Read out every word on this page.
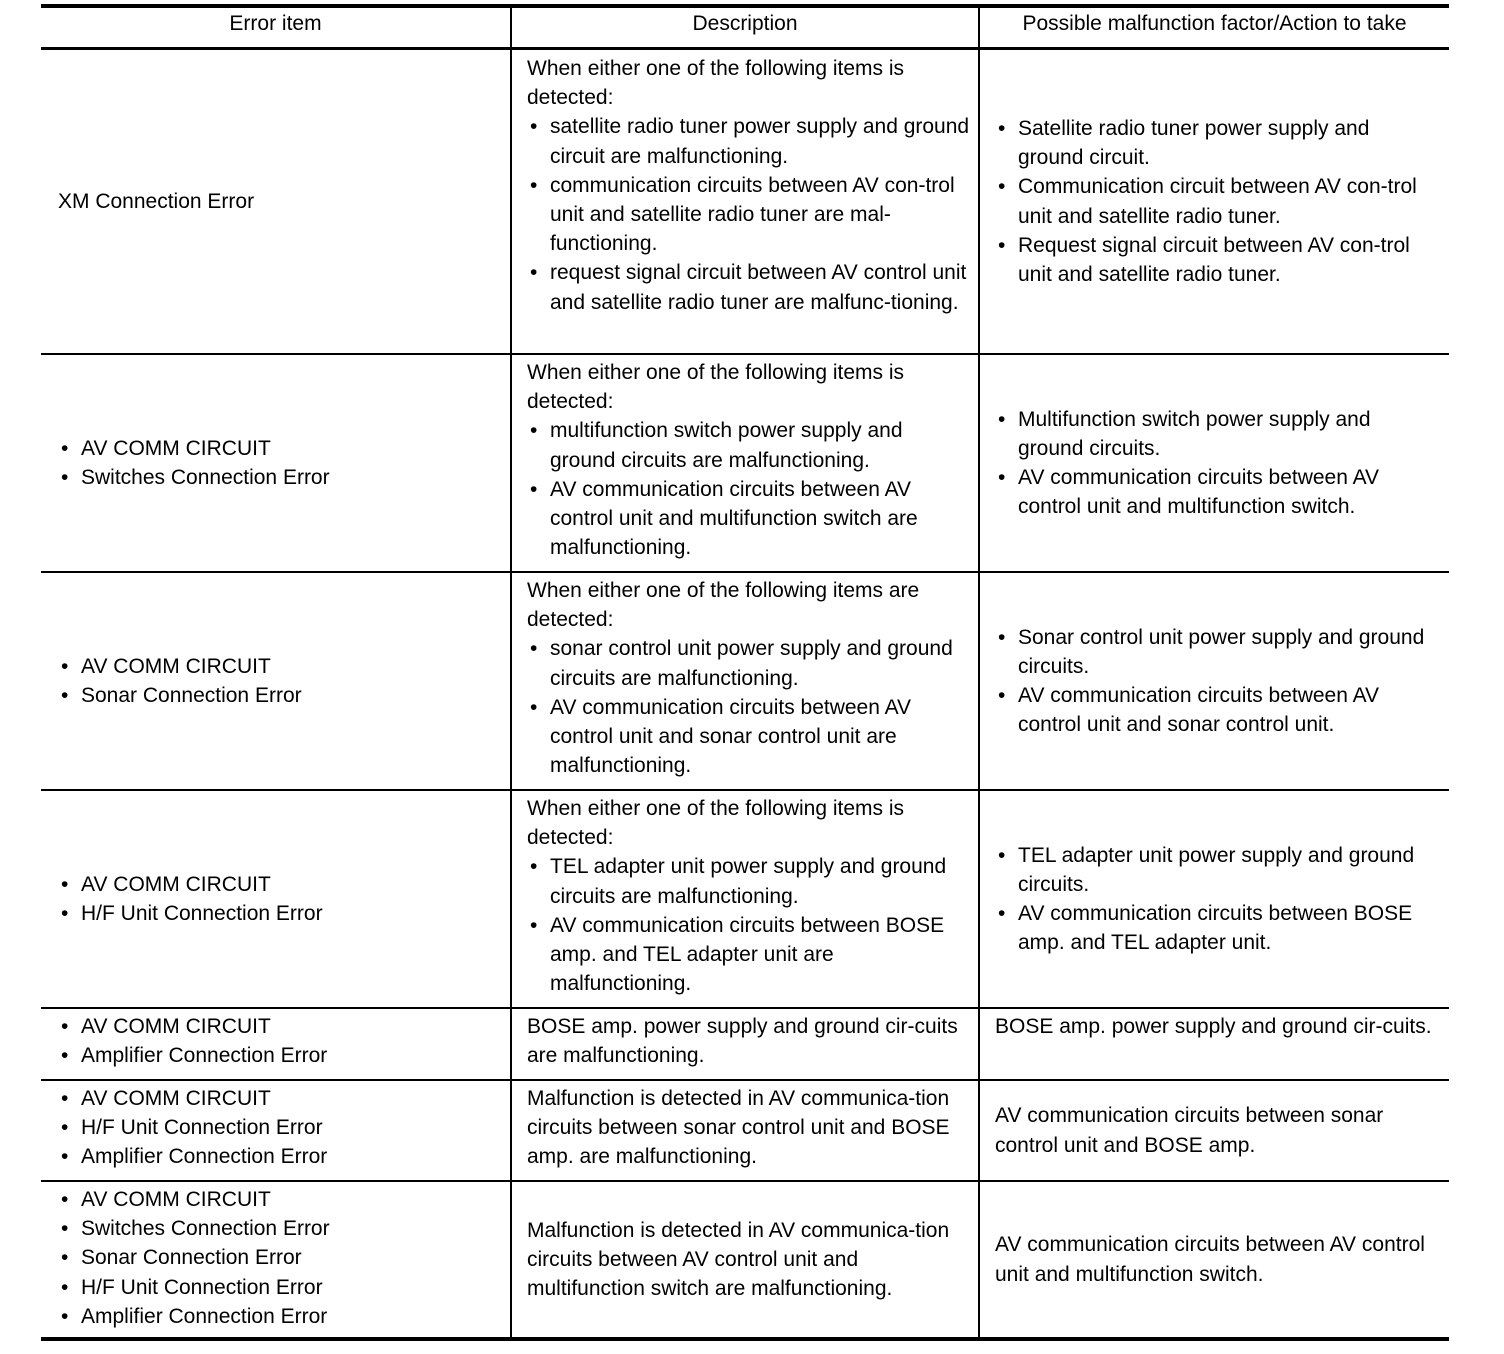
Error item	Description	Possible malfunction factor/Action to take
XM Connection Error
When either one of the following items is detected:
• satellite radio tuner power supply and ground circuit are malfunctioning.
• communication circuits between AV con-trol unit and satellite radio tuner are mal-functioning.
• request signal circuit between AV control unit and satellite radio tuner are malfunc-tioning.
• Satellite radio tuner power supply and ground circuit.
• Communication circuit between AV con-trol unit and satellite radio tuner.
• Request signal circuit between AV con-trol unit and satellite radio tuner.
• AV COMM CIRCUIT
• Switches Connection Error
When either one of the following items is detected:
• multifunction switch power supply and ground circuits are malfunctioning.
• AV communication circuits between AV control unit and multifunction switch are malfunctioning.
• Multifunction switch power supply and ground circuits.
• AV communication circuits between AV control unit and multifunction switch.
• AV COMM CIRCUIT
• Sonar Connection Error
When either one of the following items are detected:
• sonar control unit power supply and ground circuits are malfunctioning.
• AV communication circuits between AV control unit and sonar control unit are malfunctioning.
• Sonar control unit power supply and ground circuits.
• AV communication circuits between AV control unit and sonar control unit.
• AV COMM CIRCUIT
• H/F Unit Connection Error
When either one of the following items is detected:
• TEL adapter unit power supply and ground circuits are malfunctioning.
• AV communication circuits between BOSE amp. and TEL adapter unit are malfunctioning.
• TEL adapter unit power supply and ground circuits.
• AV communication circuits between BOSE amp. and TEL adapter unit.
• AV COMM CIRCUIT
• Amplifier Connection Error
BOSE amp. power supply and ground cir-cuits are malfunctioning.
BOSE amp. power supply and ground cir-cuits.
• AV COMM CIRCUIT
• H/F Unit Connection Error
• Amplifier Connection Error
Malfunction is detected in AV communica-tion circuits between sonar control unit and BOSE amp. are malfunctioning.
AV communication circuits between sonar control unit and BOSE amp.
• AV COMM CIRCUIT
• Switches Connection Error
• Sonar Connection Error
• H/F Unit Connection Error
• Amplifier Connection Error
Malfunction is detected in AV communica-tion circuits between AV control unit and multifunction switch are malfunctioning.
AV communication circuits between AV control unit and multifunction switch.
